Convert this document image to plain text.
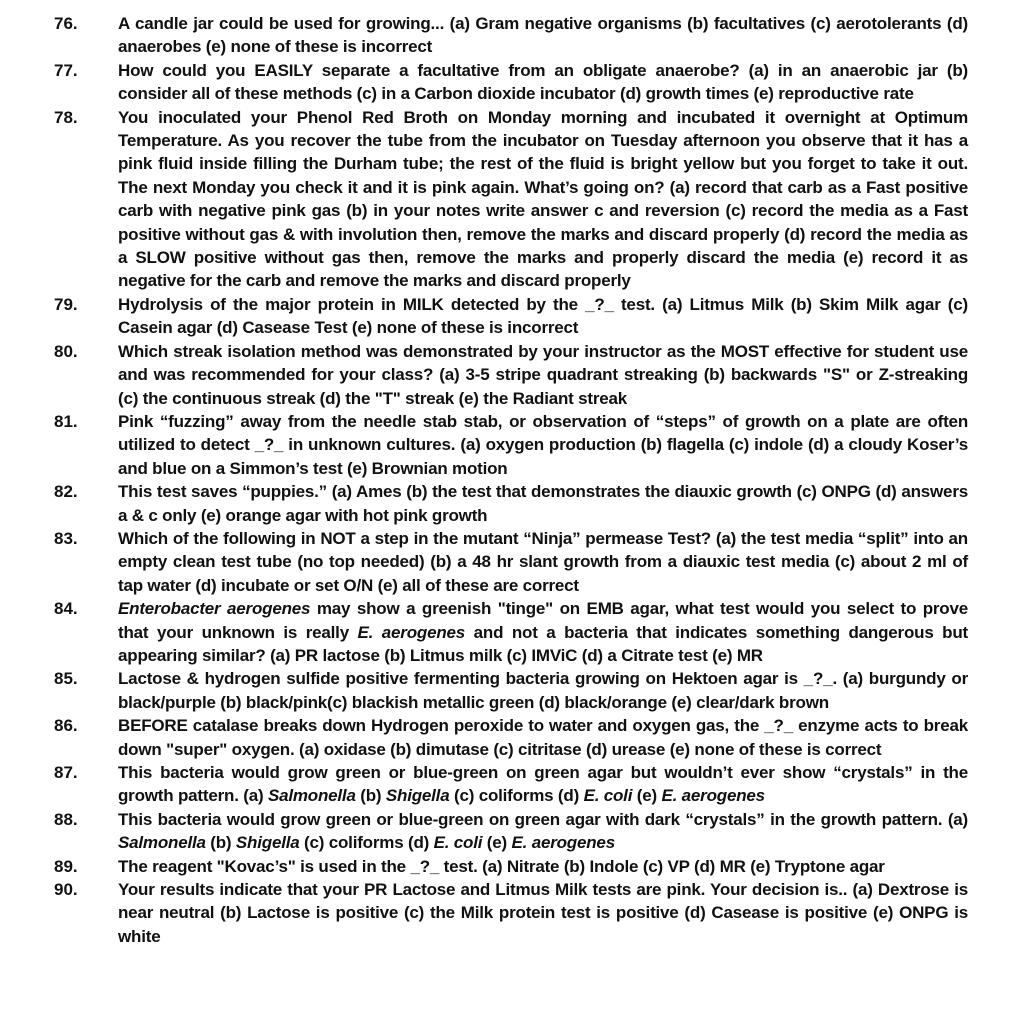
76.	A candle jar could be used for growing... (a) Gram negative organisms (b) facultatives (c) aerotolerants (d) anaerobes (e) none of these is incorrect
77.	How could you EASILY separate a facultative from an obligate anaerobe? (a) in an anaerobic jar (b) consider all of these methods (c) in a Carbon dioxide incubator (d) growth times (e) reproductive rate
78.	You inoculated your Phenol Red Broth on Monday morning and incubated it overnight at Optimum Temperature. As you recover the tube from the incubator on Tuesday afternoon you observe that it has a pink fluid inside filling the Durham tube; the rest of the fluid is bright yellow but you forget to take it out. The next Monday you check it and it is pink again. What’s going on? (a) record that carb as a Fast positive carb with negative pink gas (b) in your notes write answer c and reversion (c) record the media as a Fast positive without gas & with involution then, remove the marks and discard properly (d) record the media as a SLOW positive without gas then, remove the marks and properly discard the media (e) record it as negative for the carb and remove the marks and discard properly
79.	Hydrolysis of the major protein in MILK detected by the _?_ test. (a) Litmus Milk (b) Skim Milk agar (c) Casein agar (d) Casease Test (e) none of these is incorrect
80.	Which streak isolation method was demonstrated by your instructor as the MOST effective for student use and was recommended for your class? (a) 3-5 stripe quadrant streaking (b) backwards "S" or Z-streaking (c) the continuous streak (d) the "T" streak (e) the Radiant streak
81.	Pink “fuzzing” away from the needle stab stab, or observation of “steps” of growth on a plate are often utilized to detect _?_ in unknown cultures. (a) oxygen production (b) flagella (c) indole (d) a cloudy Koser’s and blue on a Simmon’s test (e) Brownian motion
82.	This test saves “puppies.” (a) Ames (b) the test that demonstrates the diauxic growth (c) ONPG (d) answers a & c only (e) orange agar with hot pink growth
83.	Which of the following in NOT a step in the mutant “Ninja” permease Test? (a) the test media “split” into an empty clean test tube (no top needed) (b) a 48 hr slant growth from a diauxic test media (c) about 2 ml of tap water (d) incubate or set O/N (e) all of these are correct
84.	Enterobacter aerogenes may show a greenish "tinge" on EMB agar, what test would you select to prove that your unknown is really E. aerogenes and not a bacteria that indicates something dangerous but appearing similar? (a) PR lactose (b) Litmus milk (c) IMViC (d) a Citrate test (e) MR
85.	Lactose & hydrogen sulfide positive fermenting bacteria growing on Hektoen agar is _?_. (a) burgundy or black/purple (b) black/pink(c) blackish metallic green (d) black/orange (e) clear/dark brown
86.	BEFORE catalase breaks down Hydrogen peroxide to water and oxygen gas, the _?_ enzyme acts to break down "super" oxygen. (a) oxidase (b) dimutase (c) citritase (d) urease (e) none of these is correct
87.	This bacteria would grow green or blue-green on green agar but wouldn’t ever show “crystals” in the growth pattern. (a) Salmonella (b) Shigella (c) coliforms (d) E. coli (e) E. aerogenes
88.	This bacteria would grow green or blue-green on green agar with dark “crystals” in the growth pattern. (a) Salmonella (b) Shigella (c) coliforms (d) E. coli (e) E. aerogenes
89.	The reagent "Kovac’s" is used in the _?_ test. (a) Nitrate (b) Indole (c) VP (d) MR (e) Tryptone agar
90.	Your results indicate that your PR Lactose and Litmus Milk tests are pink. Your decision is.. (a) Dextrose is near neutral (b) Lactose is positive (c) the Milk protein test is positive (d) Casease is positive (e) ONPG is white
